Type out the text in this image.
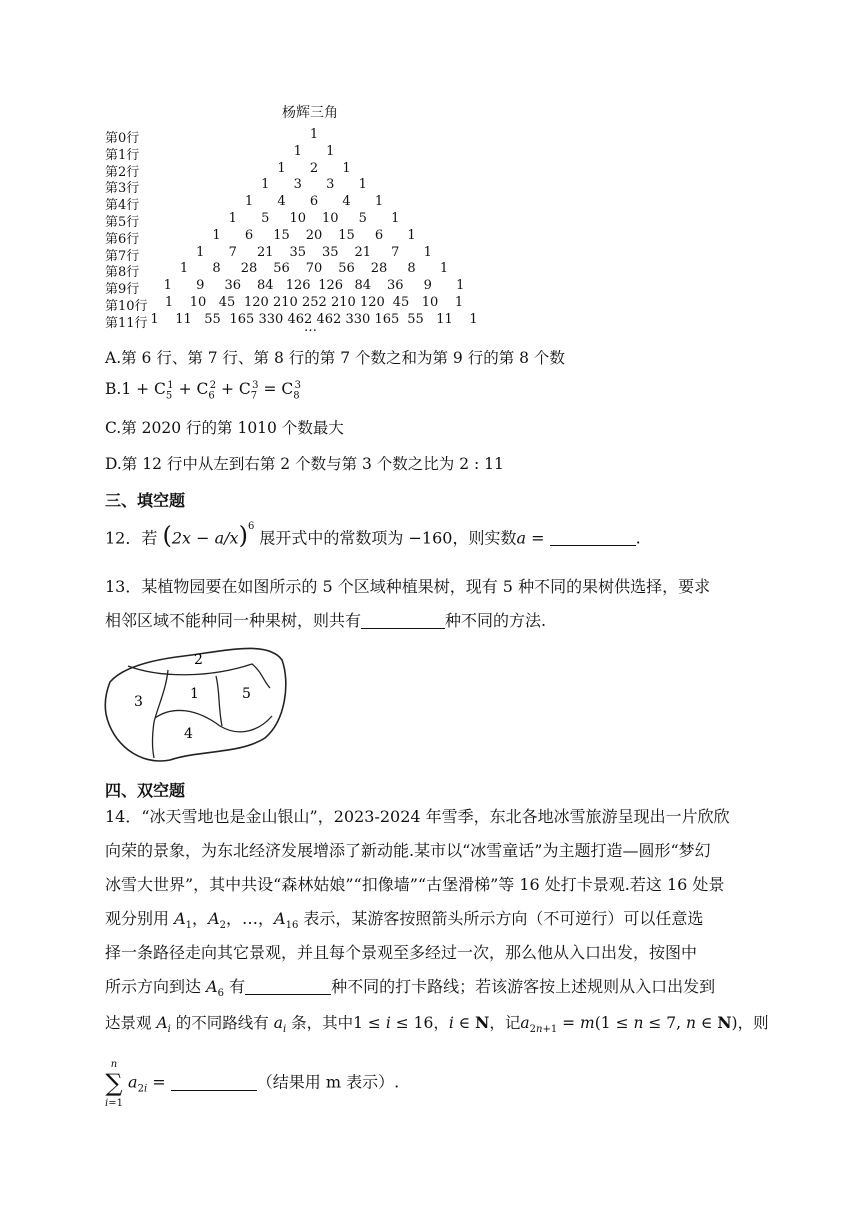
杨辉三角
第0行	1
第1行	1	1
第2行	1	2	1
第3行	1	3	3	1
第4行	1	4	6	4	1
第5行	1	5	10 10	5	1
第6行	1	6	15 20 15	6	1
第7行	1	7	21 35 35 21	7	1
第8行	1	8	28 56 70 56 28	8	1
第9行	1	9	36 84 126 126 84 36	9	1
第10行	1	10 45 120 210 252 210 120 45 10	1
第11行 1	11 55 165 330 462 462 330 165 55 11	1
…
A.第 6 行、第 7 行、第 8 行的第 7 个数之和为第 9 行的第 8 个数
$B.1 + C_5^1 + C_6^2 + C_7^3 = C_8^3$
C.第 2020 行的第 1010 个数最大
D.第 12 行中从左到右第 2 个数与第 3 个数之比为 2 : 11
三、填空题
12．若 $(2x - a/x)^6$ 展开式中的常数项为 −160，则实数a =	.
13．某植物园要在如图所示的 5 个区域种植果树，现有 5 种不同的果树供选择，要求
相邻区域不能种同一种果树，则共有	种不同的方法.
2
1	5
3
4
四、双空题
14．“冰天雪地也是金山银山”，2023-2024 年雪季，东北各地冰雪旅游呈现出一片欣欣
向荣的景象，为东北经济发展增添了新动能.某市以“冰雪童话”为主题打造—圆形“梦幻
冰雪大世界”，其中共设“森林姑娘”“扣像墙”“古堡滑梯”等 16 处打卡景观.若这 16 处景
观分别用 $A_1$，$A_2$，…，$A_{16}$ 表示，某游客按照箭头所示方向（不可逆行）可以任意选
择一条路径走向其它景观，并且每个景观至多经过一次，那么他从入口出发，按图中
所示方向到达 $A_6$ 有	种不同的打卡路线；若该游客按上述规则从入口出发到
达景观 $A_i$ 的不同路线有 $a_i$ 条，其中1 ≤ i ≤ 16，i ∈ N，记$a_{2n+1} = m(1 \le n \le 7$, n ∈ N)，则
n
∑
i=1 $a_{2i}$ =	（结果用 m 表示）.
